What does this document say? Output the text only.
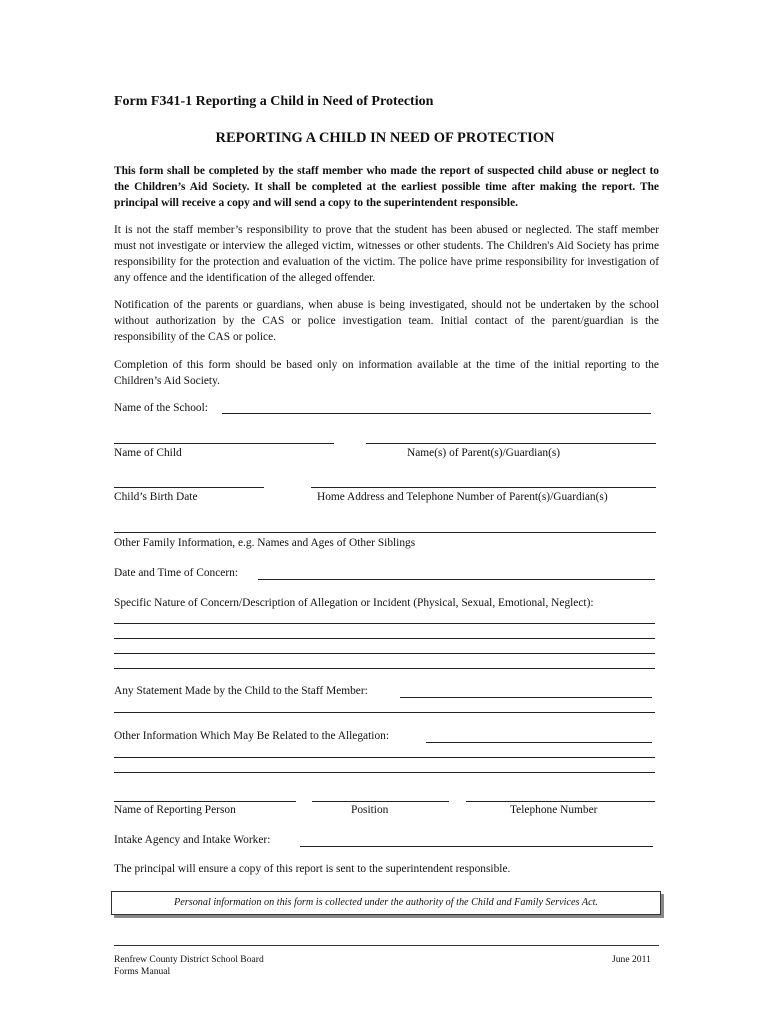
Form F341-1 Reporting a Child in Need of Protection
REPORTING A CHILD IN NEED OF PROTECTION
This form shall be completed by the staff member who made the report of suspected child abuse or neglect to the Children’s Aid Society. It shall be completed at the earliest possible time after making the report. The principal will receive a copy and will send a copy to the superintendent responsible.
It is not the staff member’s responsibility to prove that the student has been abused or neglected. The staff member must not investigate or interview the alleged victim, witnesses or other students. The Children's Aid Society has prime responsibility for the protection and evaluation of the victim. The police have prime responsibility for investigation of any offence and the identification of the alleged offender.
Notification of the parents or guardians, when abuse is being investigated, should not be undertaken by the school without authorization by the CAS or police investigation team. Initial contact of the parent/guardian is the responsibility of the CAS or police.
Completion of this form should be based only on information available at the time of the initial reporting to the Children’s Aid Society.
Name of the School:
Name of Child	Name(s) of Parent(s)/Guardian(s)
Child’s Birth Date	Home Address and Telephone Number of Parent(s)/Guardian(s)
Other Family Information, e.g. Names and Ages of Other Siblings
Date and Time of Concern:
Specific Nature of Concern/Description of Allegation or Incident (Physical, Sexual, Emotional, Neglect):
Any Statement Made by the Child to the Staff Member:
Other Information Which May Be Related to the Allegation:
Name of Reporting Person	Position	Telephone Number
Intake Agency and Intake Worker:
The principal will ensure a copy of this report is sent to the superintendent responsible.
Personal information on this form is collected under the authority of the Child and Family Services Act.
Renfrew County District School Board
Forms Manual
June 2011
